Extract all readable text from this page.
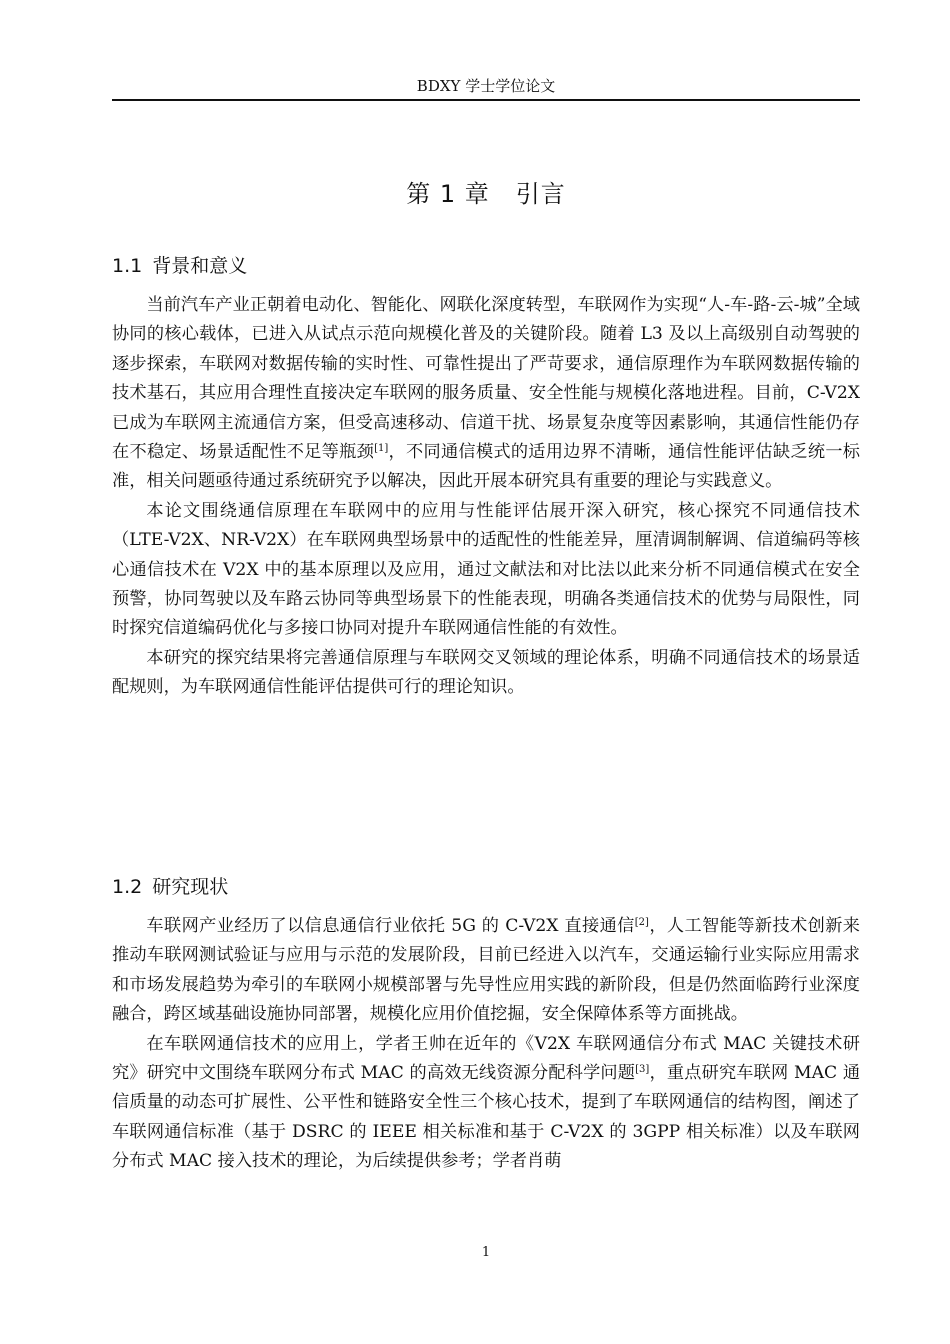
BDXY 学士学位论文
第 1 章 引言
1.1 背景和意义

当前汽车产业正朝着电动化、智能化、网联化深度转型，车联网作为实现“人-车-路-云-城”全域协同的核心载体，已进入从试点示范向规模化普及的关键阶段。随着 L3 及以上高级别自动驾驶的逐步探索，车联网对数据传输的实时性、可靠性提出了严苛要求，通信原理作为车联网数据传输的技术基石，其应用合理性直接决定车联网的服务质量、安全性能与规模化落地进程。目前，C-V2X 已成为车联网主流通信方案，但受高速移动、信道干扰、场景复杂度等因素影响，其通信性能仍存在不稳定、场景适配性不足等瓶颈[1]，不同通信模式的适用边界不清晰，通信性能评估缺乏统一标准，相关问题亟待通过系统研究予以解决，因此开展本研究具有重要的理论与实践意义。

本论文围绕通信原理在车联网中的应用与性能评估展开深入研究，核心探究不同通信技术（LTE-V2X、NR-V2X）在车联网典型场景中的适配性的性能差异，厘清调制解调、信道编码等核心通信技术在 V2X 中的基本原理以及应用，通过文献法和对比法以此来分析不同通信模式在安全预警，协同驾驶以及车路云协同等典型场景下的性能表现，明确各类通信技术的优势与局限性，同时探究信道编码优化与多接口协同对提升车联网通信性能的有效性。

本研究的探究结果将完善通信原理与车联网交叉领域的理论体系，明确不同通信技术的场景适配规则，为车联网通信性能评估提供可行的理论知识。

1.2 研究现状

车联网产业经历了以信息通信行业依托 5G 的 C-V2X 直接通信[2]，人工智能等新技术创新来推动车联网测试验证与应用与示范的发展阶段，目前已经进入以汽车，交通运输行业实际应用需求和市场发展趋势为牵引的车联网小规模部署与先导性应用实践的新阶段，但是仍然面临跨行业深度融合，跨区域基础设施协同部署，规模化应用价值挖掘，安全保障体系等方面挑战。

在车联网通信技术的应用上，学者王帅在近年的《V2X 车联网通信分布式 MAC 关键技术研究》研究中文围绕车联网分布式 MAC 的高效无线资源分配科学问题[3]，重点研究车联网 MAC 通信质量的动态可扩展性、公平性和链路安全性三个核心技术，提到了车联网通信的结构图，阐述了车联网通信标准（基于 DSRC 的 IEEE 相关标准和基于 C-V2X 的 3GPP 相关标准）以及车联网分布式 MAC 接入技术的理论，为后续提供参考；学者肖萌

1
